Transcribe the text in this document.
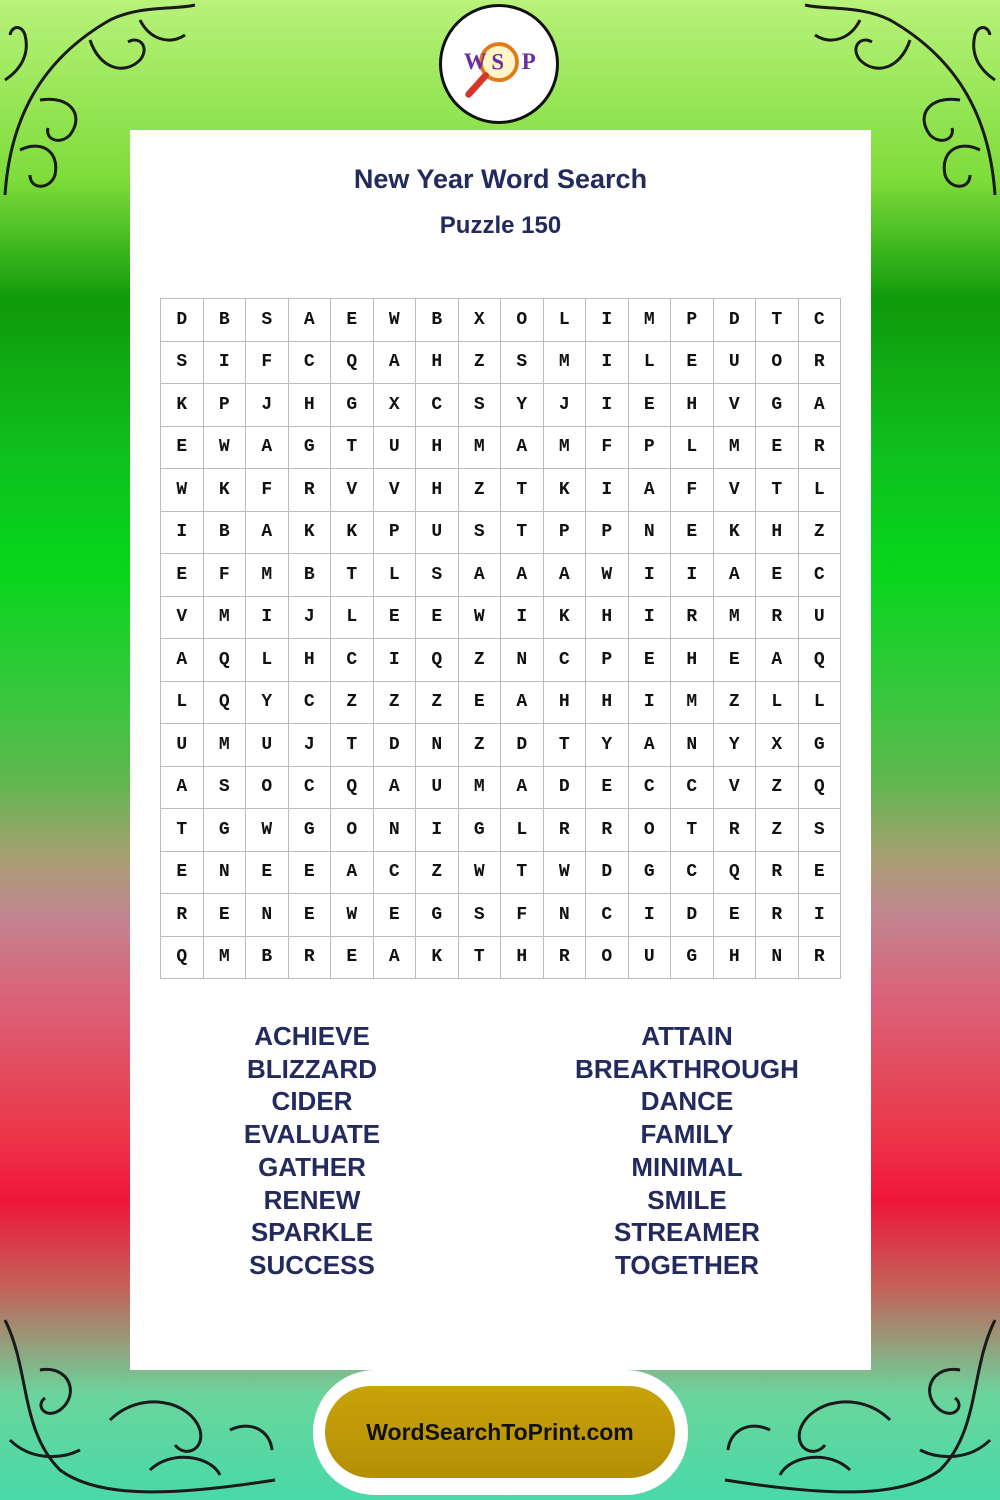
W S P
New Year Word Search
Puzzle 150
D	B	S	A	E	W	B	X	O	L	I	M	P	D	T	C
S	I	F	C	Q	A	H	Z	S	M	I	L	E	U	O	R
K	P	J	H	G	X	C	S	Y	J	I	E	H	V	G	A
E	W	A	G	T	U	H	M	A	M	F	P	L	M	E	R
W	K	F	R	V	V	H	Z	T	K	I	A	F	V	T	L
I	B	A	K	K	P	U	S	T	P	P	N	E	K	H	Z
E	F	M	B	T	L	S	A	A	A	W	I	I	A	E	C
V	M	I	J	L	E	E	W	I	K	H	I	R	M	R	U
A	Q	L	H	C	I	Q	Z	N	C	P	E	H	E	A	Q
L	Q	Y	C	Z	Z	Z	E	A	H	H	I	M	Z	L	L
U	M	U	J	T	D	N	Z	D	T	Y	A	N	Y	X	G
A	S	O	C	Q	A	U	M	A	D	E	C	C	V	Z	Q
T	G	W	G	O	N	I	G	L	R	R	O	T	R	Z	S
E	N	E	E	A	C	Z	W	T	W	D	G	C	Q	R	E
R	E	N	E	W	E	G	S	F	N	C	I	D	E	R	I
Q	M	B	R	E	A	K	T	H	R	O	U	G	H	N	R
ACHIEVE
BLIZZARD
CIDER
EVALUATE
GATHER
RENEW
SPARKLE
SUCCESS
ATTAIN
BREAKTHROUGH
DANCE
FAMILY
MINIMAL
SMILE
STREAMER
TOGETHER
WordSearchToPrint.com
